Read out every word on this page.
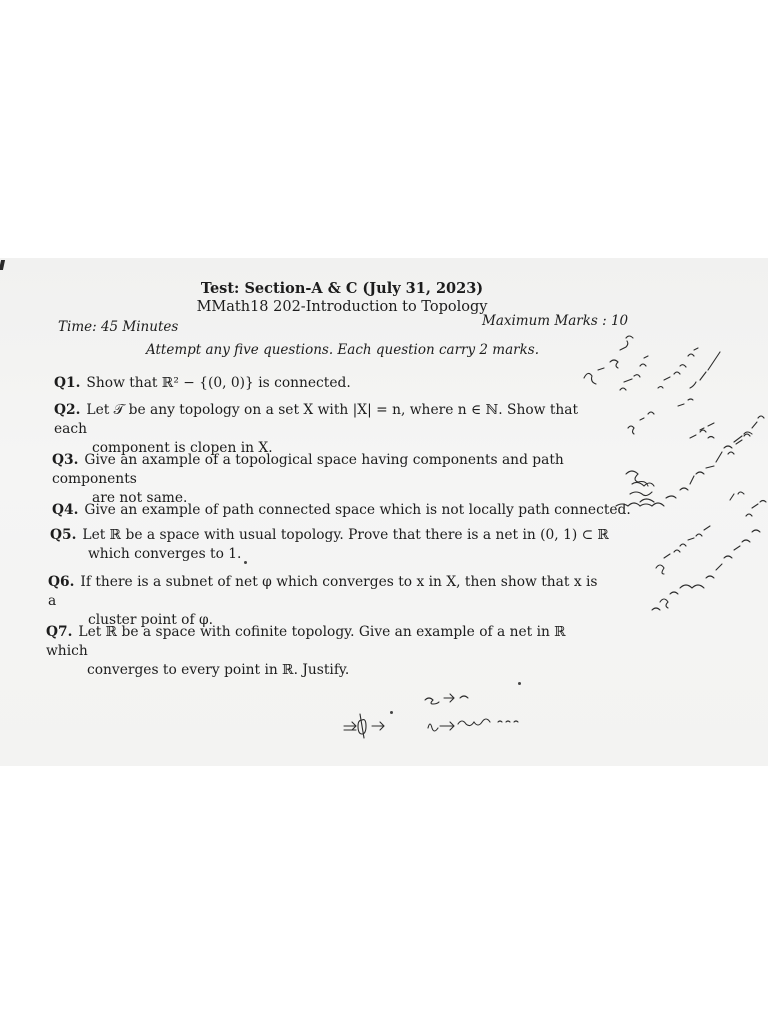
Test: Section-A & C (July 31, 2023)
MMath18 202-Introduction to Topology
Time: 45 Minutes	Maximum Marks : 10
Attempt any five questions. Each question carry 2 marks.
Q1. Show that ℝ² − {(0, 0)} is connected.
Q2. Let 𝒯 be any topology on a set X with |X| = n, where n ∈ ℕ. Show that each
component is clopen in X.
Q3. Give an axample of a topological space having components and path components
are not same.
Q4. Give an example of path connected space which is not locally path connected.
Q5. Let ℝ be a space with usual topology. Prove that there is a net in (0, 1) ⊂ ℝ
which converges to 1.
Q6. If there is a subnet of net φ which converges to x in X, then show that x is a
cluster point of φ.
Q7. Let ℝ be a space with cofinite topology. Give an example of a net in ℝ which
converges to every point in ℝ. Justify.
